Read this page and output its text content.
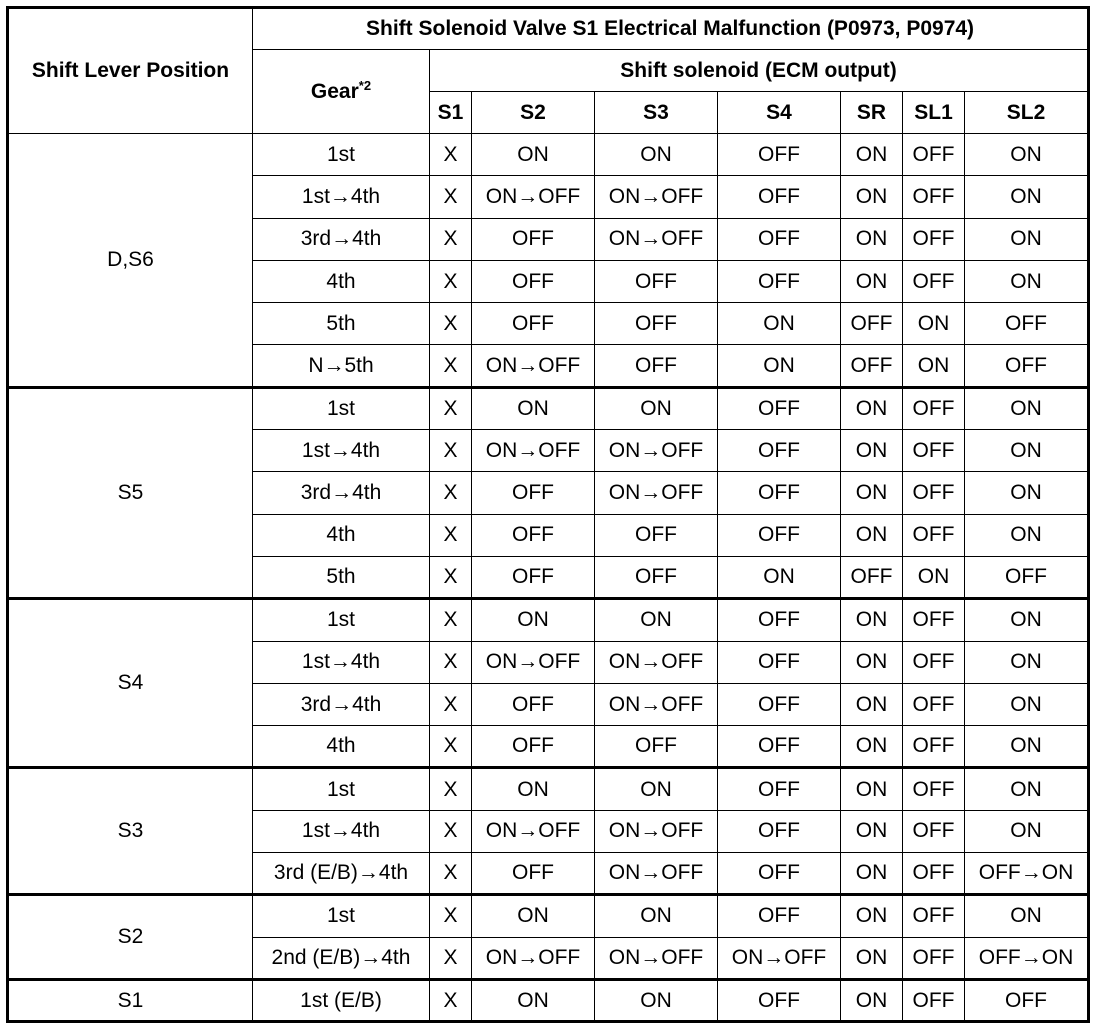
Shift Lever Position	Shift Solenoid Valve S1 Electrical Malfunction (P0973, P0974)							
	Gear$^{*2}$	Shift solenoid (ECM output)						
		S1	S2	S3	S4	SR	SL1	SL2
D,S6	1st	X	ON	ON	OFF	ON	OFF	ON
	1st→4th	X	ON→OFF	ON→OFF	OFF	ON	OFF	ON
	3rd→4th	X	OFF	ON→OFF	OFF	ON	OFF	ON
	4th	X	OFF	OFF	OFF	ON	OFF	ON
	5th	X	OFF	OFF	ON	OFF	ON	OFF
	N→5th	X	ON→OFF	OFF	ON	OFF	ON	OFF
S5	1st	X	ON	ON	OFF	ON	OFF	ON
	1st→4th	X	ON→OFF	ON→OFF	OFF	ON	OFF	ON
	3rd→4th	X	OFF	ON→OFF	OFF	ON	OFF	ON
	4th	X	OFF	OFF	OFF	ON	OFF	ON
	5th	X	OFF	OFF	ON	OFF	ON	OFF
S4	1st	X	ON	ON	OFF	ON	OFF	ON
	1st→4th	X	ON→OFF	ON→OFF	OFF	ON	OFF	ON
	3rd→4th	X	OFF	ON→OFF	OFF	ON	OFF	ON
	4th	X	OFF	OFF	OFF	ON	OFF	ON
S3	1st	X	ON	ON	OFF	ON	OFF	ON
	1st→4th	X	ON→OFF	ON→OFF	OFF	ON	OFF	ON
	3rd (E/B)→4th	X	OFF	ON→OFF	OFF	ON	OFF	OFF→ON
S2	1st	X	ON	ON	OFF	ON	OFF	ON
	2nd (E/B)→4th	X	ON→OFF	ON→OFF	ON→OFF	ON	OFF	OFF→ON
S1	1st (E/B)	X	ON	ON	OFF	ON	OFF	OFF
